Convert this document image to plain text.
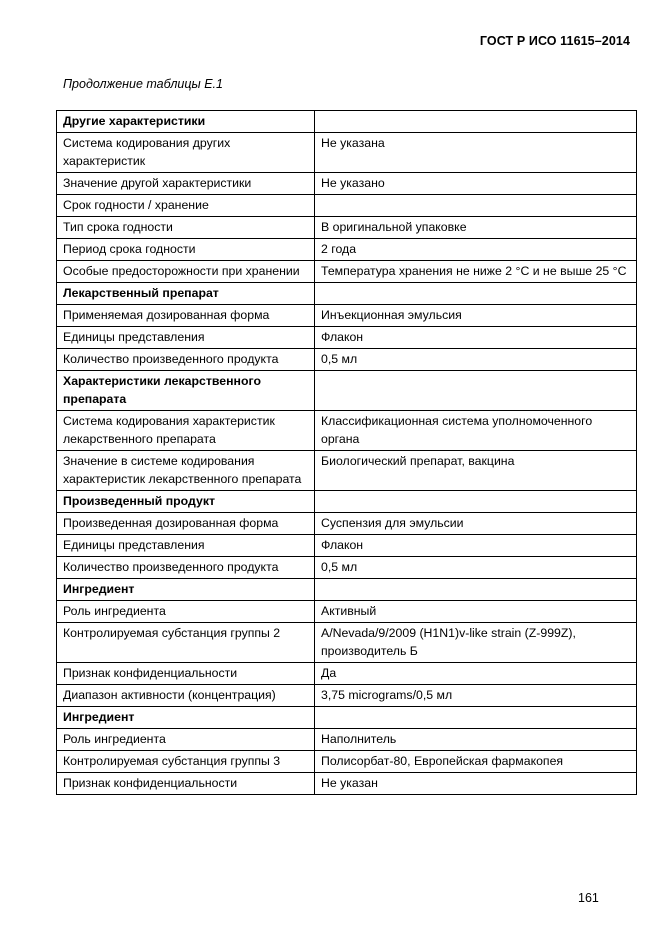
ГОСТ Р ИСО 11615–2014
Продолжение таблицы Е.1
Другие характеристики	
Система кодирования других характеристик	Не указана
Значение другой характеристики	Не указано
Срок годности / хранение	
Тип срока годности	В оригинальной упаковке
Период срока годности	2 года
Особые предосторожности при хранении	Температура хранения не ниже 2 °С и не выше 25 °С
Лекарственный препарат	
Применяемая дозированная форма	Инъекционная эмульсия
Единицы представления	Флакон
Количество произведенного продукта	0,5 мл
Характеристики лекарственного препарата	
Система кодирования характеристик лекарственного препарата	Классификационная система уполномоченного органа
Значение в системе кодирования характеристик лекарственного препарата	Биологический препарат, вакцина
Произведенный продукт	
Произведенная дозированная форма	Суспензия для эмульсии
Единицы представления	Флакон
Количество произведенного продукта	0,5 мл
Ингредиент	
Роль ингредиента	Активный
Контролируемая субстанция группы 2	A/Nevada/9/2009 (H1N1)v-like strain (Z-999Z), производитель Б
Признак конфиденциальности	Да
Диапазон активности (концентрация)	3,75 micrograms/0,5 мл
Ингредиент	
Роль ингредиента	Наполнитель
Контролируемая субстанция группы 3	Полисорбат-80, Европейская фармакопея
Признак конфиденциальности	Не указан
161
